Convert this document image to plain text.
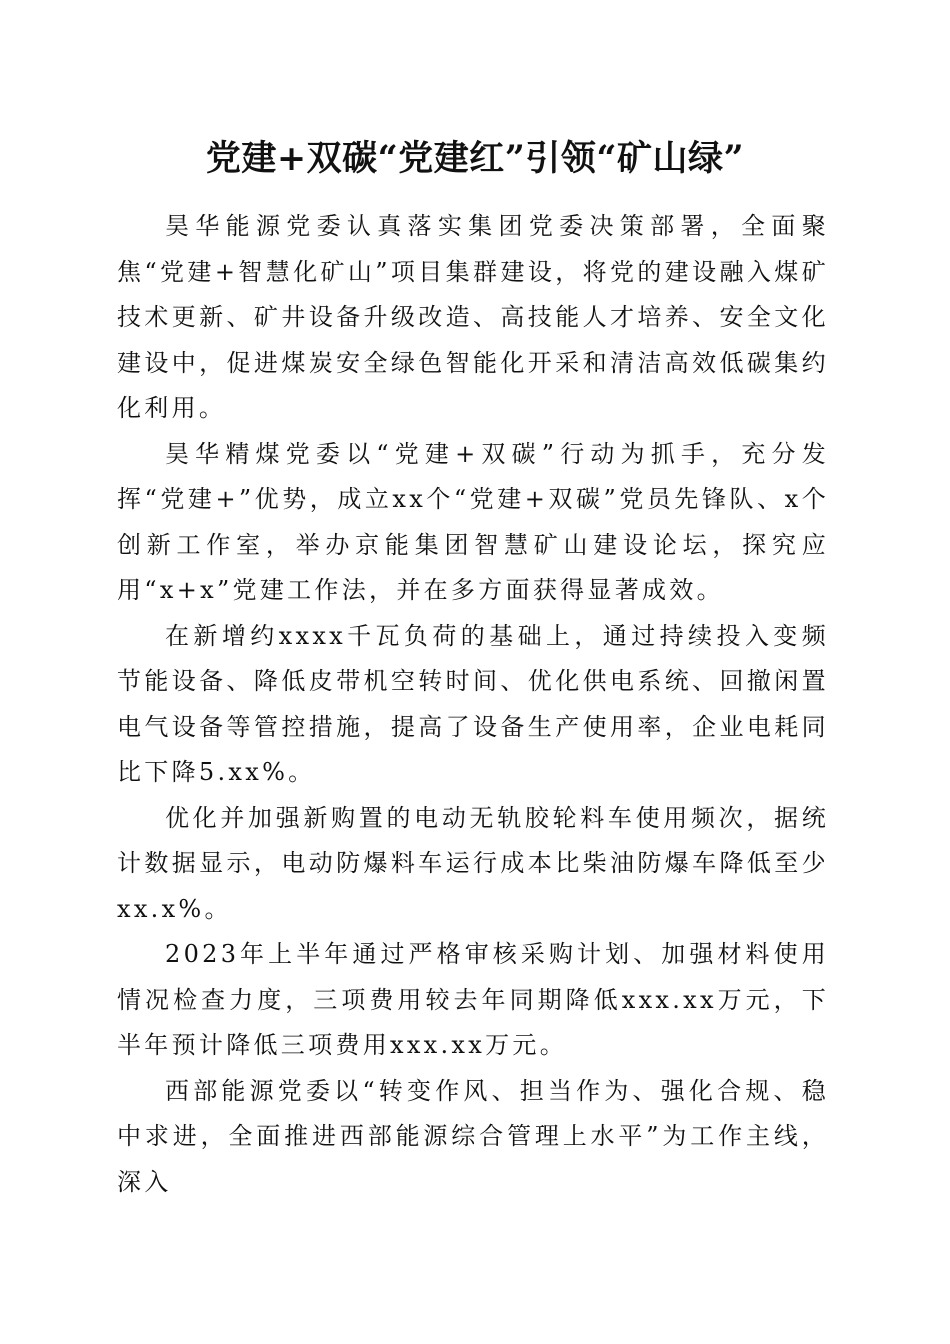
党建+双碳“党建红”引领“矿山绿”

昊华能源党委认真落实集团党委决策部署，全面聚焦“党建+智慧化矿山”项目集群建设，将党的建设融入煤矿技术更新、矿井设备升级改造、高技能人才培养、安全文化建设中，促进煤炭安全绿色智能化开采和清洁高效低碳集约化利用。

昊华精煤党委以“党建+双碳”行动为抓手，充分发挥“党建+”优势，成立xx个“党建+双碳”党员先锋队、x个创新工作室，举办京能集团智慧矿山建设论坛，探究应用“x+x”党建工作法，并在多方面获得显著成效。

在新增约xxxx千瓦负荷的基础上，通过持续投入变频节能设备、降低皮带机空转时间、优化供电系统、回撤闲置电气设备等管控措施，提高了设备生产使用率，企业电耗同比下降5.xx%。

优化并加强新购置的电动无轨胶轮料车使用频次，据统计数据显示，电动防爆料车运行成本比柴油防爆车降低至少xx.x%。

2023年上半年通过严格审核采购计划、加强材料使用情况检查力度，三项费用较去年同期降低xxx.xx万元，下半年预计降低三项费用xxx.xx万元。

西部能源党委以“转变作风、担当作为、强化合规、稳中求进，全面推进西部能源综合管理上水平”为工作主线，深入
